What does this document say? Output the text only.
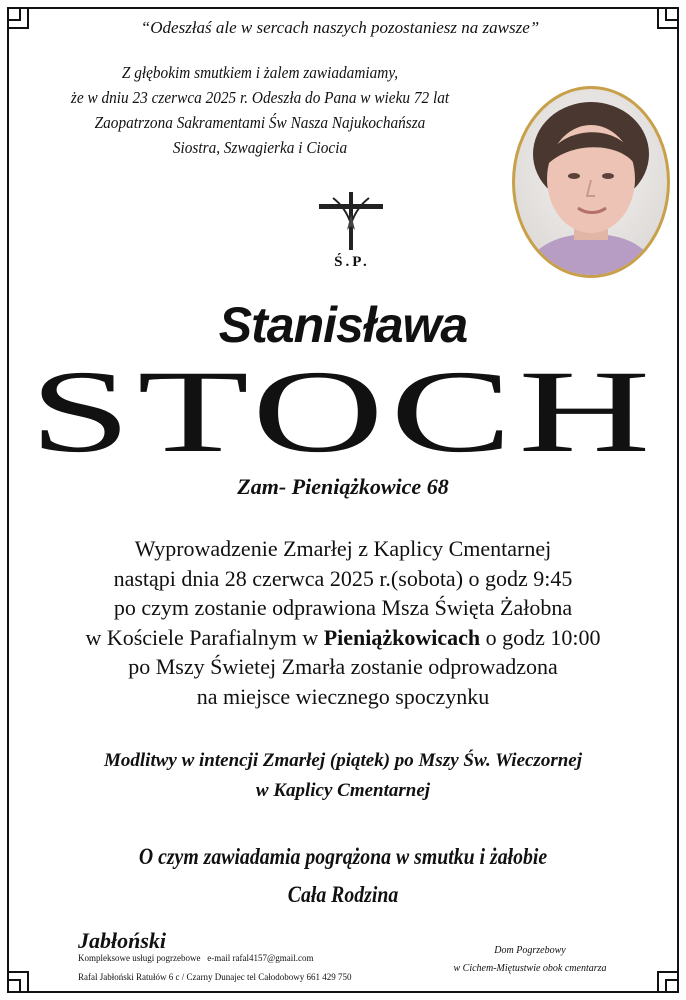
“Odeszłaś ale w sercach naszych pozostaniesz na zawsze”
Z głębokim smutkiem i żalem zawiadamiamy,
że w dniu 23 czerwca 2025 r. Odeszła do Pana w wieku 72 lat
Zaopatrzona Sakramentami Św Nasza Najukochańsza
Siostra, Szwagierka i Ciocia
Ś.P.
Stanisława
STOCH
Zam- Pieniążkowice 68
Wyprowadzenie Zmarłej z Kaplicy Cmentarnej
nastąpi dnia 28 czerwca 2025 r.(sobota) o godz 9:45
po czym zostanie odprawiona Msza Święta Żałobna
w Kościele Parafialnym w Pieniążkowicach o godz 10:00
po Mszy Świetej Zmarła zostanie odprowadzona
na miejsce wiecznego spoczynku
Modlitwy w intencji Zmarłej (piątek) po Mszy Św. Wieczornej
w Kaplicy Cmentarnej
O czym zawiadamia pogrążona w smutku i żałobie
Cała Rodzina
Jabłoński
Kompleksowe usługi pogrzebowe e-mail rafal4157@gmail.com
Rafal Jabłoński Ratułów 6 c / Czarny Dunajec tel Całodobowy 661 429 750
Dom Pogrzebowy
w Cichem-Miętustwie obok cmentarza
